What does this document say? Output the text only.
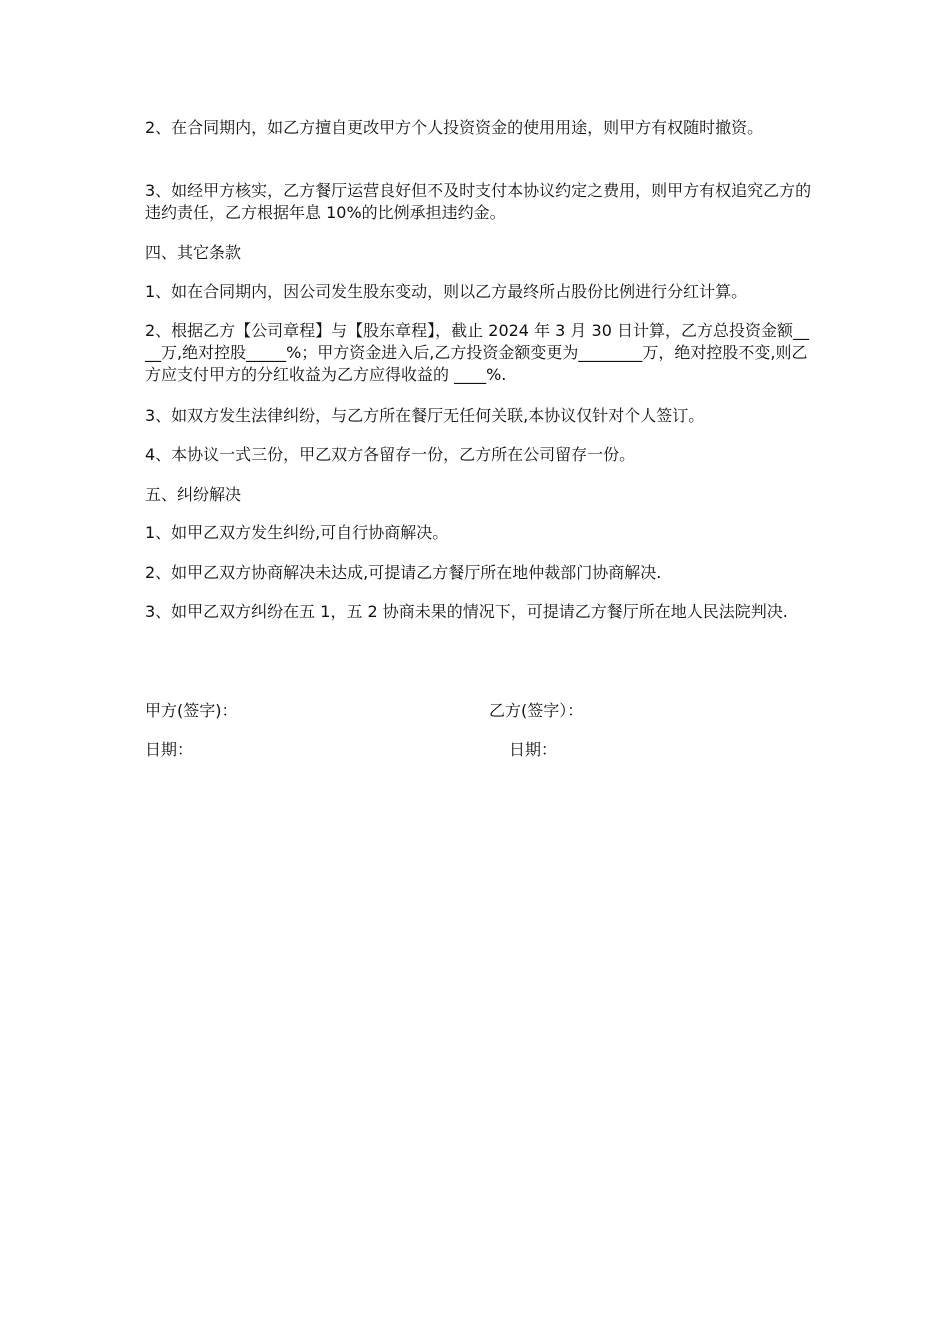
2、在合同期内，如乙方擅自更改甲方个人投资资金的使用用途，则甲方有权随时撤资。
3、如经甲方核实，乙方餐厅运营良好但不及时支付本协议约定之费用，则甲方有权追究乙方的违约责任，乙方根据年息 10%的比例承担违约金。
四、其它条款
1、如在合同期内，因公司发生股东变动，则以乙方最终所占股份比例进行分红计算。
2、根据乙方【公司章程】与【股东章程】，截止 2024 年 3 月 30 日计算，乙方总投资金额____万,绝对控股_____%；甲方资金进入后,乙方投资金额变更为________万，绝对控股不变,则乙方应支付甲方的分红收益为乙方应得收益的 ____%.
3、如双方发生法律纠纷，与乙方所在餐厅无任何关联,本协议仅针对个人签订。
4、本协议一式三份，甲乙双方各留存一份，乙方所在公司留存一份。
五、纠纷解决
1、如甲乙双方发生纠纷,可自行协商解决。
2、如甲乙双方协商解决未达成,可提请乙方餐厅所在地仲裁部门协商解决.
3、如甲乙双方纠纷在五 1，五 2 协商未果的情况下，可提请乙方餐厅所在地人民法院判决.
甲方(签字)：	乙方(签字）：
日期：	日期：
